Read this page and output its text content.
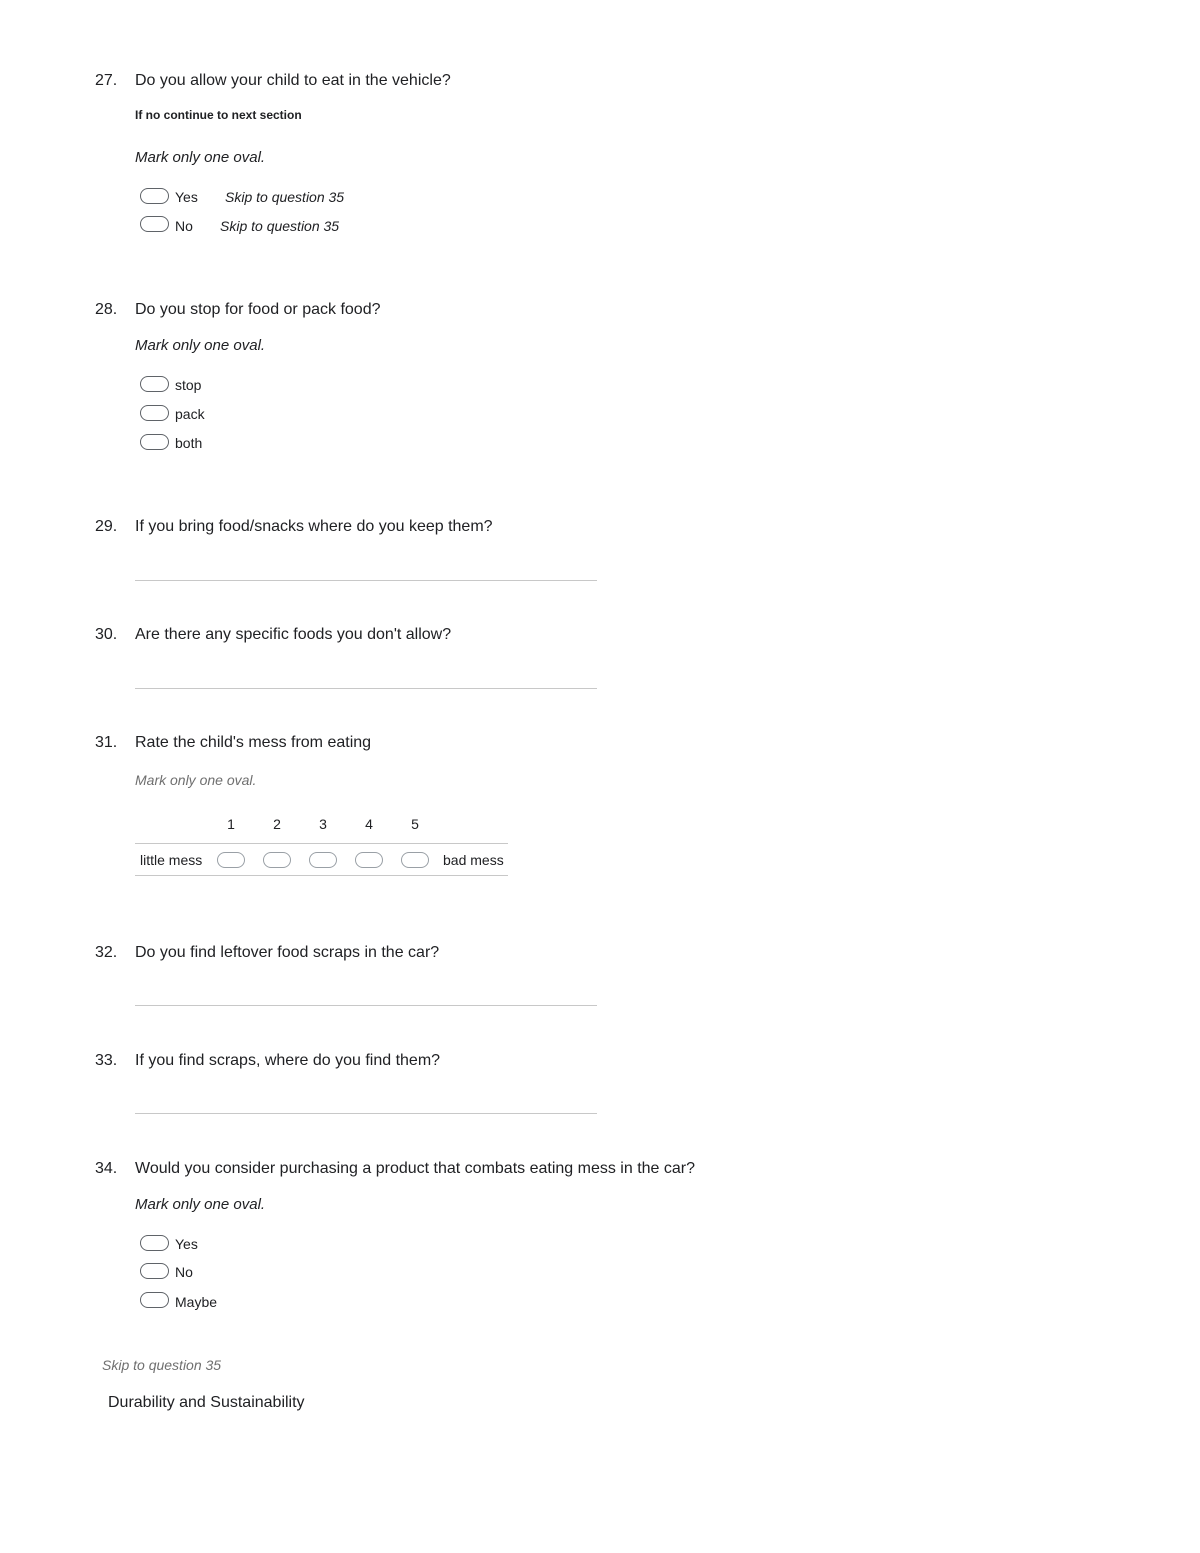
27. Do you allow your child to eat in the vehicle?
If no continue to next section
Mark only one oval.
Yes Skip to question 35
No Skip to question 35
28. Do you stop for food or pack food?
Mark only one oval.
stop
pack
both
29. If you bring food/snacks where do you keep them?
30. Are there any specific foods you don't allow?
31. Rate the child's mess from eating
Mark only one oval.
1	2	3	4	5
little mess	bad mess
32. Do you find leftover food scraps in the car?
33. If you find scraps, where do you find them?
34. Would you consider purchasing a product that combats eating mess in the car?
Mark only one oval.
Yes
No
Maybe
Skip to question 35
Durability and Sustainability
